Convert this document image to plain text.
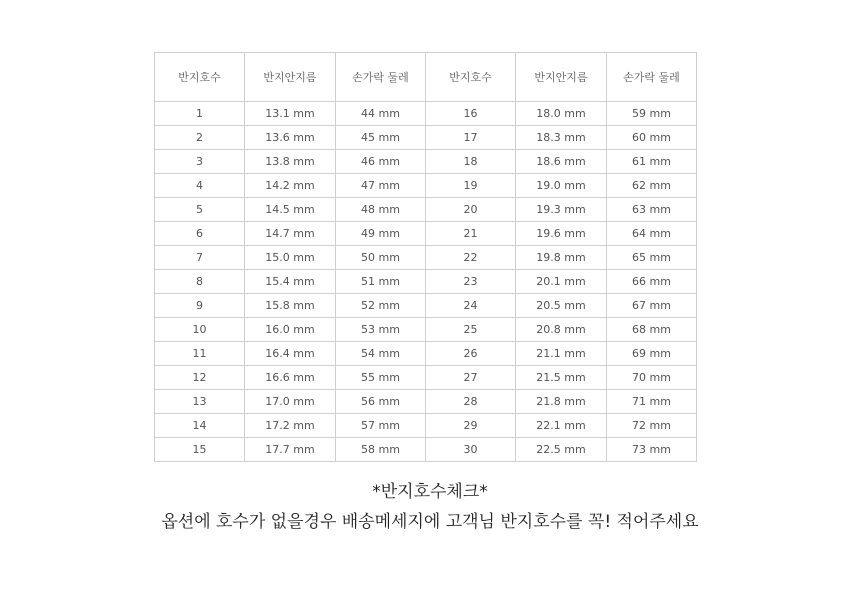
반지호수	반지안지름	손가락 둘레	반지호수	반지안지름	손가락 둘레
1	13.1 mm	44 mm	16	18.0 mm	59 mm
2	13.6 mm	45 mm	17	18.3 mm	60 mm
3	13.8 mm	46 mm	18	18.6 mm	61 mm
4	14.2 mm	47 mm	19	19.0 mm	62 mm
5	14.5 mm	48 mm	20	19.3 mm	63 mm
6	14.7 mm	49 mm	21	19.6 mm	64 mm
7	15.0 mm	50 mm	22	19.8 mm	65 mm
8	15.4 mm	51 mm	23	20.1 mm	66 mm
9	15.8 mm	52 mm	24	20.5 mm	67 mm
10	16.0 mm	53 mm	25	20.8 mm	68 mm
11	16.4 mm	54 mm	26	21.1 mm	69 mm
12	16.6 mm	55 mm	27	21.5 mm	70 mm
13	17.0 mm	56 mm	28	21.8 mm	71 mm
14	17.2 mm	57 mm	29	22.1 mm	72 mm
15	17.7 mm	58 mm	30	22.5 mm	73 mm
*반지호수체크*
옵션에 호수가 없을경우 배송메세지에 고객님 반지호수를 꼭! 적어주세요
